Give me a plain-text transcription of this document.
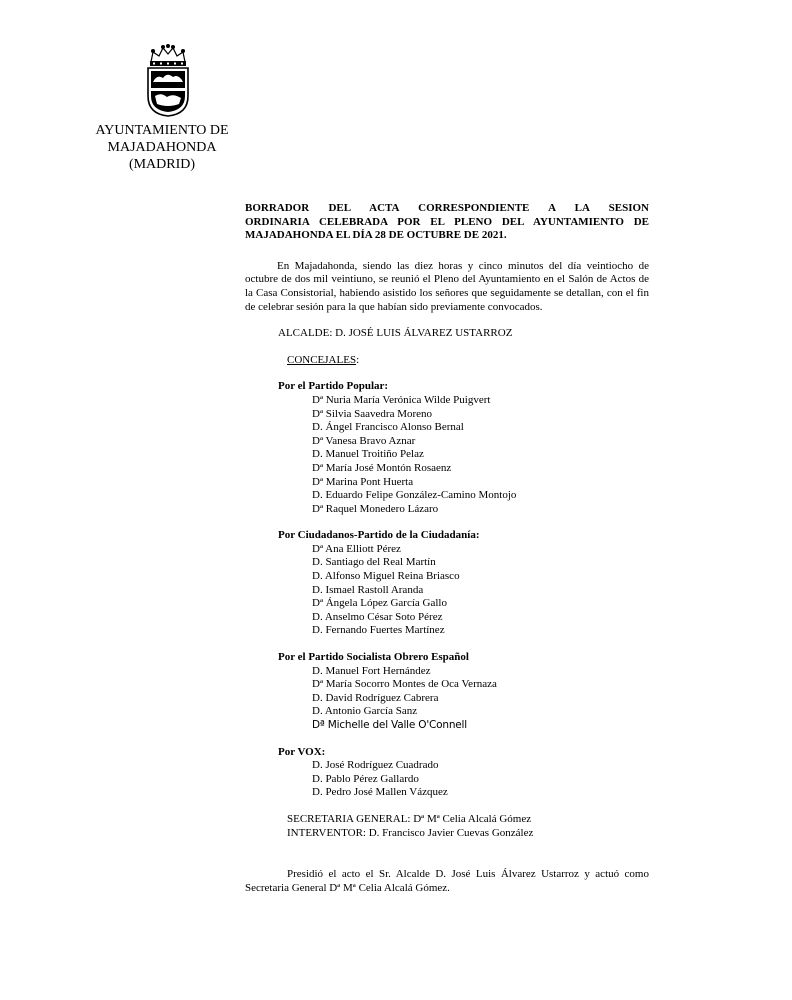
AYUNTAMIENTO DE
MAJADAHONDA
(MADRID)
BORRADOR DEL ACTA CORRESPONDIENTE A LA SESION
ORDINARIA CELEBRADA POR EL PLENO DEL AYUNTAMIENTO DE
MAJADAHONDA EL DÍA 28 DE OCTUBRE DE 2021.

En Majadahonda, siendo las diez horas y cinco minutos del día veintiocho de octubre de dos mil veintiuno, se reunió el Pleno del Ayuntamiento en el Salón de Actos de la Casa Consistorial, habiendo asistido los señores que seguidamente se detallan, con el fin de celebrar sesión para la que habían sido previamente convocados.

ALCALDE: D. JOSÉ LUIS ÁLVAREZ USTARROZ
CONCEJALES:
Por el Partido Popular:
Dª Nuria María Verónica Wilde Puigvert
Dª Silvia Saavedra Moreno
D. Ángel Francisco Alonso Bernal
Dª Vanesa Bravo Aznar
D. Manuel Troitiño Pelaz
Dª María José Montón Rosaenz
Dª Marina Pont Huerta
D. Eduardo Felipe González-Camino Montojo
Dª Raquel Monedero Lázaro
Por Ciudadanos-Partido de la Ciudadanía:
Dª Ana Elliott Pérez
D. Santiago del Real Martín
D. Alfonso Miguel Reina Briasco
D. Ismael Rastoll Aranda
Dª Ángela López García Gallo
D. Anselmo César Soto Pérez
D. Fernando Fuertes Martínez
Por el Partido Socialista Obrero Español
D. Manuel Fort Hernández
Dª María Socorro Montes de Oca Vernaza
D. David Rodríguez Cabrera
D. Antonio García Sanz
Dª Michelle del Valle O'Connell
Por VOX:
D. José Rodríguez Cuadrado
D. Pablo Pérez Gallardo
D. Pedro José Mallen Vázquez
SECRETARIA GENERAL: Dª Mª Celia Alcalá Gómez
INTERVENTOR: D. Francisco Javier Cuevas González

Presidió el acto el Sr. Alcalde D. José Luis Álvarez Ustarroz y actuó como Secretaria General Dª Mª Celia Alcalá Gómez.
